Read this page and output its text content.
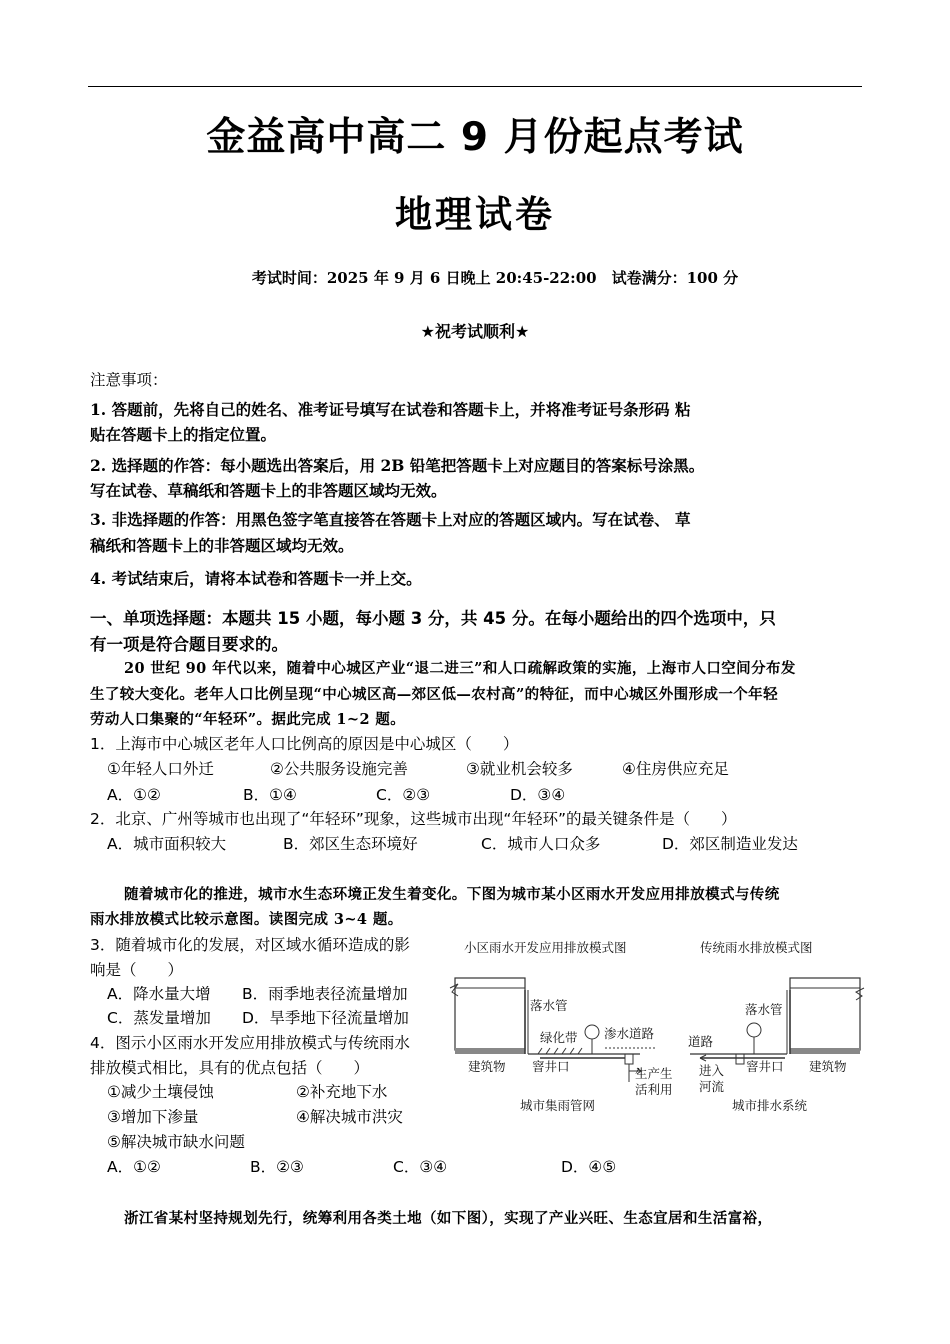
金益高中高二 9 月份起点考试
地理试卷
考试时间：2025 年 9 月 6 日晚上 20:45-22:00　试卷满分：100 分
★祝考试顺利★
注意事项：
1. 答题前，先将自己的姓名、准考证号填写在试卷和答题卡上，并将准考证号条形码 粘
贴在答题卡上的指定位置。
2. 选择题的作答：每小题选出答案后，用 2B 铅笔把答题卡上对应题目的答案标号涂黑。
写在试卷、草稿纸和答题卡上的非答题区域均无效。
3. 非选择题的作答：用黑色签字笔直接答在答题卡上对应的答题区域内。写在试卷、 草
稿纸和答题卡上的非答题区域均无效。
4. 考试结束后，请将本试卷和答题卡一并上交。
一、单项选择题：本题共 15 小题，每小题 3 分，共 45 分。在每小题给出的四个选项中，只
有一项是符合题目要求的。
20 世纪 90 年代以来，随着中心城区产业“退二进三”和人口疏解政策的实施，上海市人口空间分布发
生了较大变化。老年人口比例呈现“中心城区高—郊区低—农村高”的特征，而中心城区外围形成一个年轻
劳动人口集聚的“年轻环”。据此完成 1~2 题。
1．上海市中心城区老年人口比例高的原因是中心城区（　　）
①年轻人口外迁	②公共服务设施完善	③就业机会较多	④住房供应充足
A．①②	B．①④	C．②③	D．③④
2．北京、广州等城市也出现了“年轻环”现象，这些城市出现“年轻环”的最关键条件是（　　）
A．城市面积较大	B．郊区生态环境好	C．城市人口众多	D．郊区制造业发达
随着城市化的推进，城市水生态环境正发生着变化。下图为城市某小区雨水开发应用排放模式与传统
雨水排放模式比较示意图。读图完成 3~4 题。
3．随着城市化的发展，对区域水循环造成的影
响是（　　）
A．降水量大增 B．雨季地表径流量增加
C．蒸发量增加 D．旱季地下径流量增加
4．图示小区雨水开发应用排放模式与传统雨水
排放模式相比，具有的优点包括（　　）
①减少土壤侵蚀	②补充地下水
③增加下渗量	④解决城市洪灾
⑤解决城市缺水问题
A．①②	B．②③	C．③④	D．④⑤
小区雨水开发应用排放模式图
落水管
绿化带 渗水道路
建筑物 窨井口	生产生
活利用
城市集雨管网
传统雨水排放模式图
落水管
道路
进入
河流
窨井口 建筑物
城市排水系统
浙江省某村坚持规划先行，统筹利用各类土地（如下图），实现了产业兴旺、生态宜居和生活富裕，
